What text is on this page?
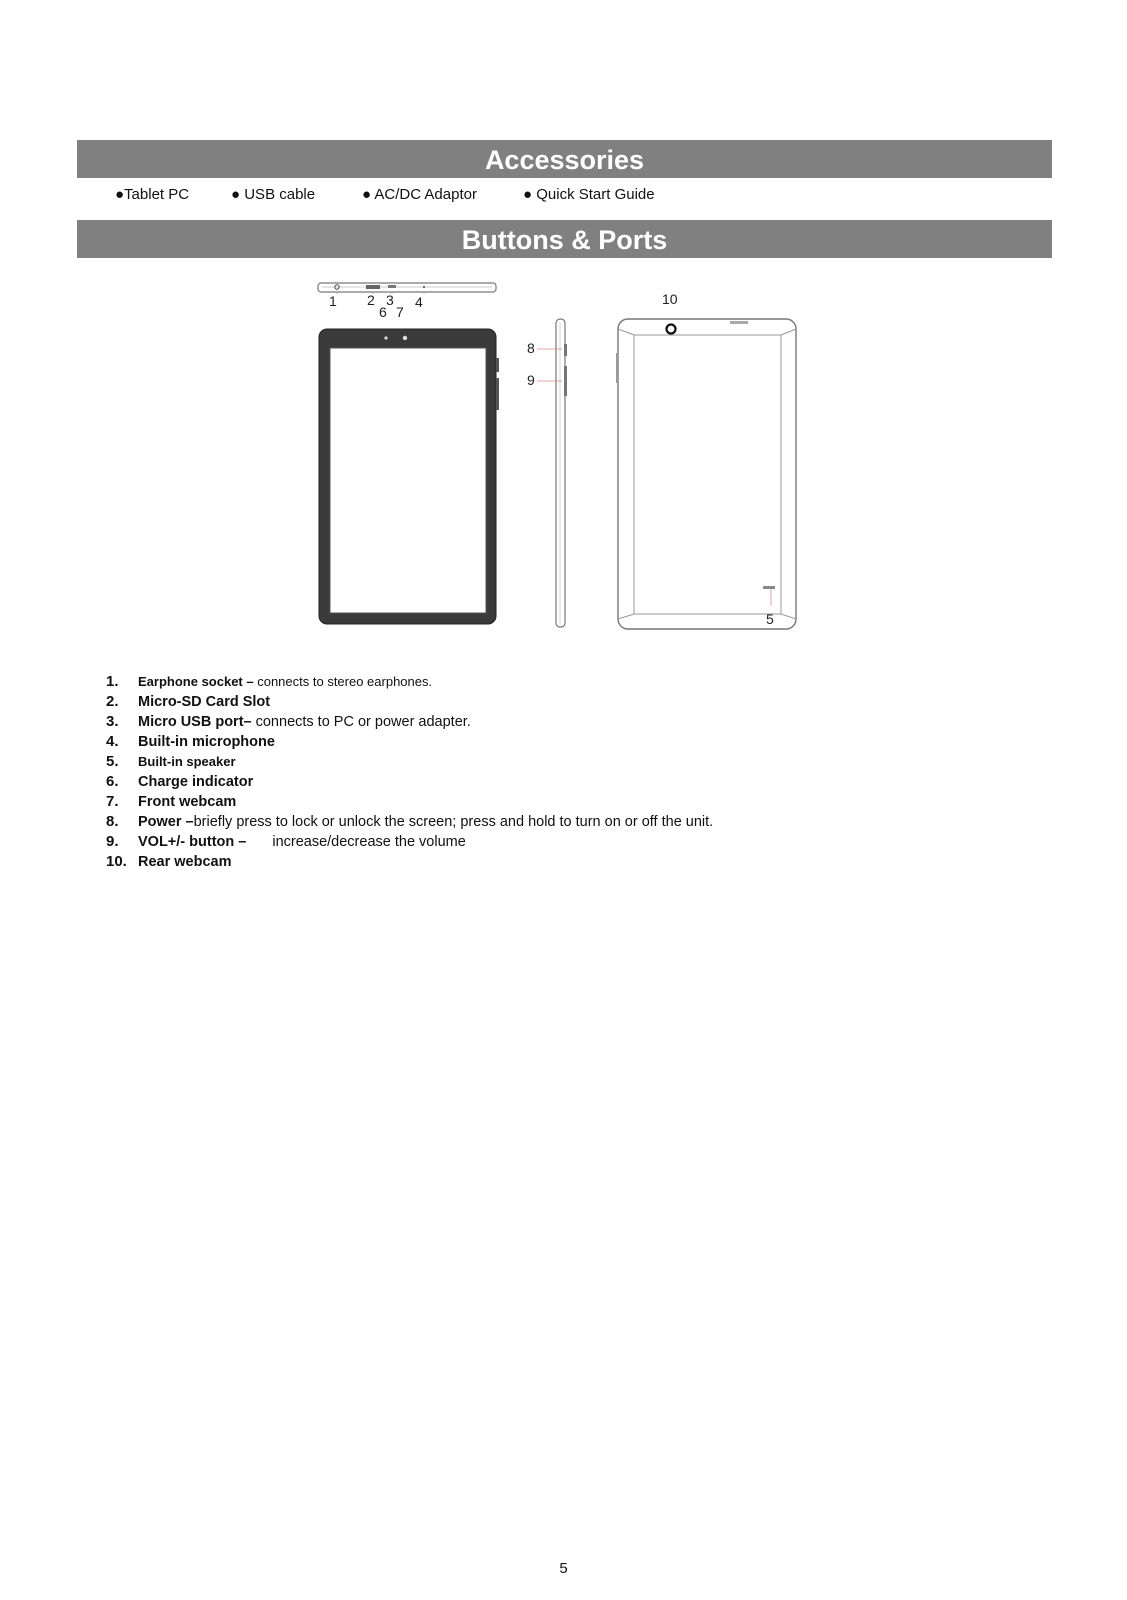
Accessories
●Tablet PC	● USB cable	● AC/DC Adaptor	● Quick Start Guide
Buttons & Ports
1 2 3 4
6 7
8
9
10
5
1.	Earphone socket – connects to stereo earphones.
2.	Micro-SD Card Slot
3.	Micro USB port– connects to PC or power adapter.
4.	Built-in microphone
5.	Built-in speaker
6.	Charge indicator
7.	Front webcam
8.	Power –briefly press to lock or unlock the screen; press and hold to turn on or off the unit.
9.	VOL+/- button – increase/decrease the volume
10. Rear webcam
5
